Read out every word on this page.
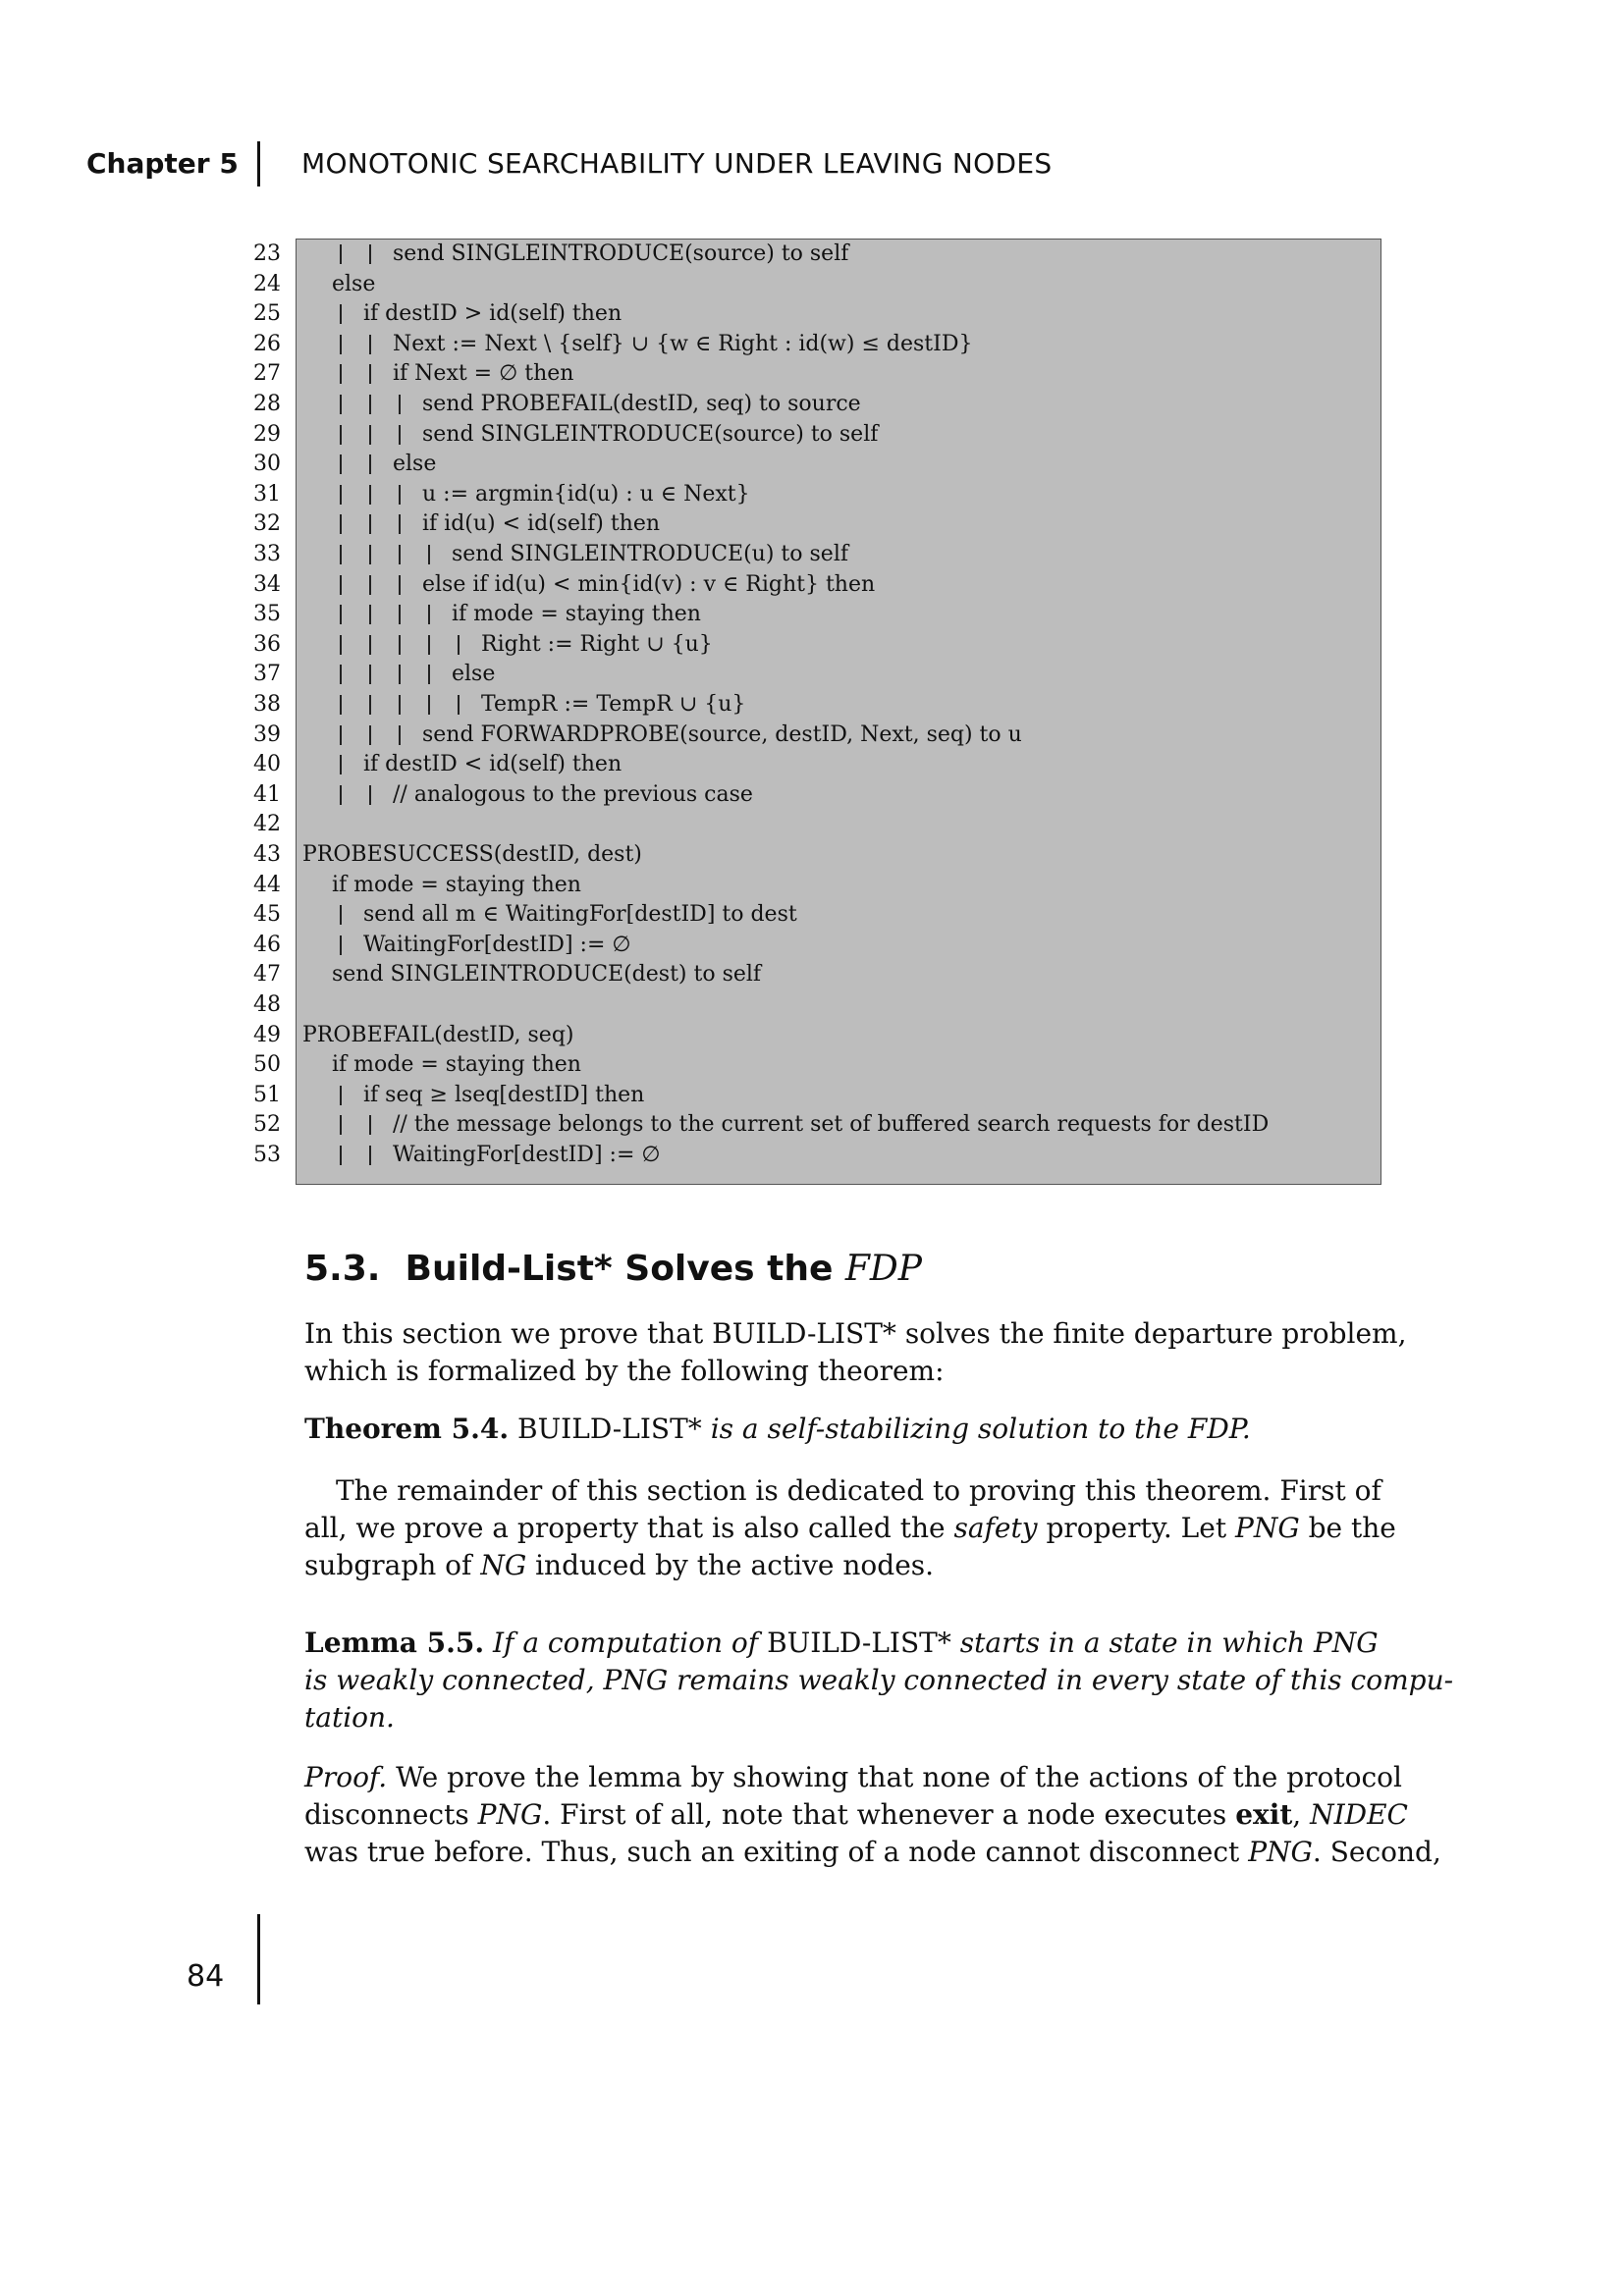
Chapter 5 MONOTONIC SEARCHABILITY UNDER LEAVING NODES
23	send SINGLEINTRODUCE(source) to self
24 else
25	if destID > id(self) then
26	Next := Next \ {self} ∪ {w ∈ Right : id(w) ≤ destID}
27	if Next = ∅ then
28	send PROBEFAIL(destID, seq) to source
29	send SINGLEINTRODUCE(source) to self
30	else
31	u := argmin{id(u) : u ∈ Next}
32	if id(u) < id(self) then
33	send SINGLEINTRODUCE(u) to self
34	else if id(u) < min{id(v) : v ∈ Right} then
35	if mode = staying then
36	Right := Right ∪ {u}
37	else
38	TempR := TempR ∪ {u}
39	send FORWARDPROBE(source, destID, Next, seq) to u
40	if destID < id(self) then
41	// analogous to the previous case
42
43 PROBESUCCESS(destID, dest)
44 if mode = staying then
45	send all m ∈ WaitingFor[destID] to dest
46	WaitingFor[destID] := ∅
47 send SINGLEINTRODUCE(dest) to self
48
49 PROBEFAIL(destID, seq)
50 if mode = staying then
51	if seq ≥ lseq[destID] then
52	// the message belongs to the current set of buffered search requests for destID
53	WaitingFor[destID] := ∅
5.3. Build-List* Solves the FDP
In this section we prove that BUILD-LIST* solves the finite departure problem,
which is formalized by the following theorem:
Theorem 5.4. BUILD-LIST* is a self-stabilizing solution to the FDP.
The remainder of this section is dedicated to proving this theorem. First of
all, we prove a property that is also called the safety property. Let PNG be the
subgraph of NG induced by the active nodes.
Lemma 5.5. If a computation of BUILD-LIST* starts in a state in which PNG
is weakly connected, PNG remains weakly connected in every state of this compu-
tation.
Proof. We prove the lemma by showing that none of the actions of the protocol
disconnects PNG. First of all, note that whenever a node executes exit, NIDEC
was true before. Thus, such an exiting of a node cannot disconnect PNG. Second,
84
